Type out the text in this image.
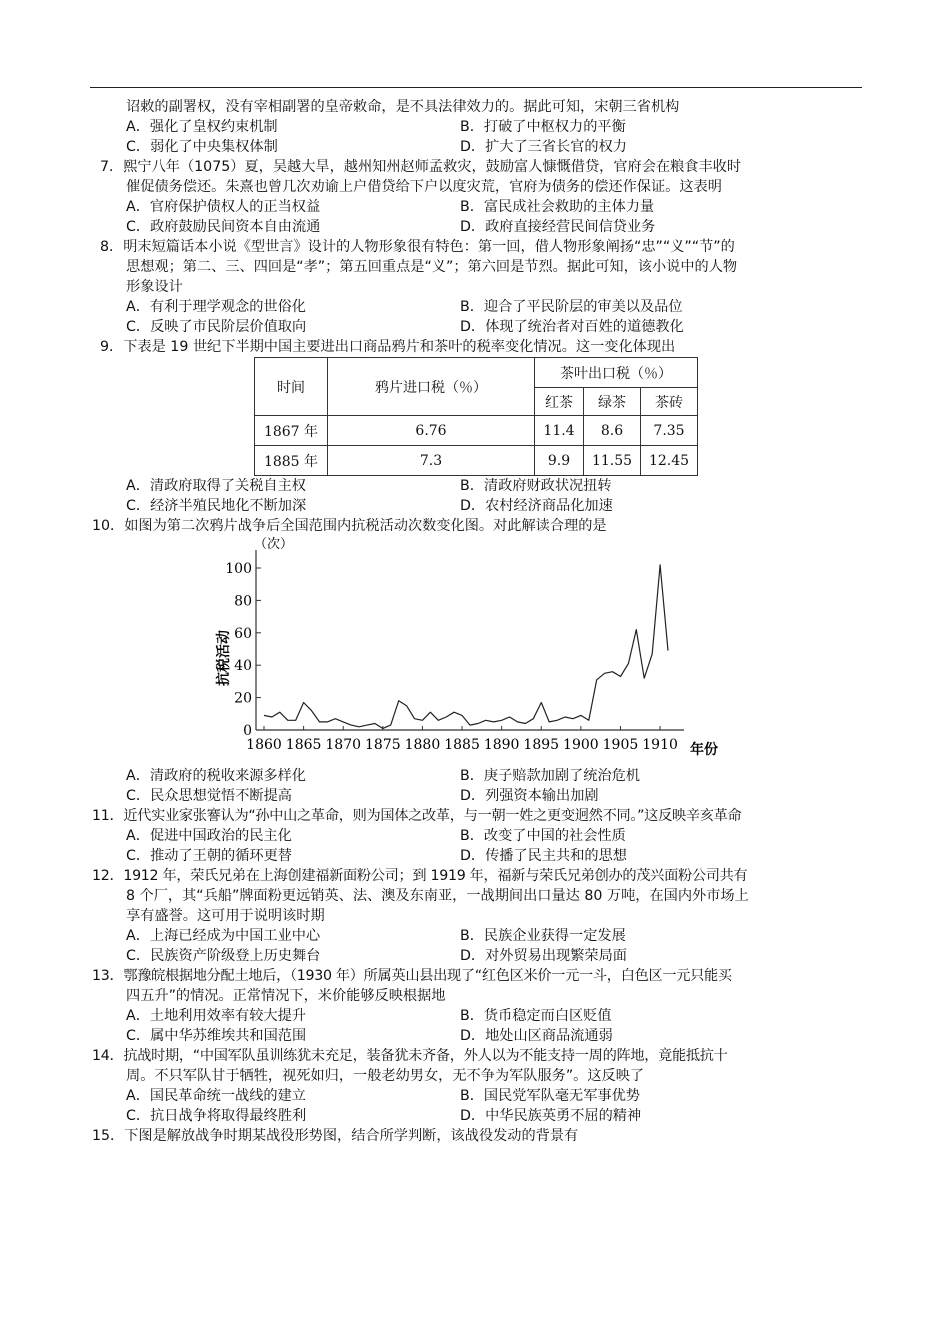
诏敕的副署权，没有宰相副署的皇帝敕命，是不具法律效力的。据此可知，宋朝三省机构
A．强化了皇权约束机制	B．打破了中枢权力的平衡
C．弱化了中央集权体制	D．扩大了三省长官的权力
7．熙宁八年（1075）夏，吴越大旱，越州知州赵师孟救灾，鼓励富人慷慨借贷，官府会在粮食丰收时
催促债务偿还。朱熹也曾几次劝谕上户借贷给下户以度灾荒，官府为债务的偿还作保证。这表明
A．官府保护债权人的正当权益	B．富民成社会救助的主体力量
C．政府鼓励民间资本自由流通	D．政府直接经营民间信贷业务
8．明末短篇话本小说《型世言》设计的人物形象很有特色：第一回，借人物形象阐扬“忠”“义”“节”的
思想观；第二、三、四回是“孝”；第五回重点是“义”；第六回是节烈。据此可知，该小说中的人物
形象设计
A．有利于理学观念的世俗化	B．迎合了平民阶层的审美以及品位
C．反映了市民阶层价值取向	D．体现了统治者对百姓的道德教化
9．下表是 19 世纪下半期中国主要进出口商品鸦片和茶叶的税率变化情况。这一变化体现出
时间	鸦片进口税（％）	茶叶出口税（％）		
		红茶	绿茶	茶砖
1867 年	6.76	11.4	8.6	7.35
1885 年	7.3	9.9	11.55	12.45
A．清政府取得了关税自主权	B．清政府财政状况扭转
C．经济半殖民地化不断加深	D．农村经济商品化加速
10．如图为第二次鸦片战争后全国范围内抗税活动次数变化图。对此解读合理的是
0
20
40
60
80
100
1860 1865 1870 1875 1880 1885 1890 1895 1900 1905 1910
（次）
抗税活动
年份
A．清政府的税收来源多样化	B．庚子赔款加剧了统治危机
C．民众思想觉悟不断提高	D．列强资本输出加剧
11．近代实业家张謇认为“孙中山之革命，则为国体之改革，与一朝一姓之更变迥然不同。”这反映辛亥革命
A．促进中国政治的民主化	B．改变了中国的社会性质
C．推动了王朝的循环更替	D．传播了民主共和的思想
12．1912 年，荣氏兄弟在上海创建福新面粉公司；到 1919 年，福新与荣氏兄弟创办的茂兴面粉公司共有
8 个厂，其“兵船”牌面粉更远销英、法、澳及东南亚，一战期间出口量达 80 万吨，在国内外市场上
享有盛誉。这可用于说明该时期
A．上海已经成为中国工业中心	B．民族企业获得一定发展
C．民族资产阶级登上历史舞台	D．对外贸易出现繁荣局面
13．鄂豫皖根据地分配土地后，（1930 年）所属英山县出现了“红色区米价一元一斗，白色区一元只能买
四五升”的情况。正常情况下，米价能够反映根据地
A．土地利用效率有较大提升	B．货币稳定而白区贬值
C．属中华苏维埃共和国范围	D．地处山区商品流通弱
14．抗战时期，“中国军队虽训练犹未充足，装备犹未齐备，外人以为不能支持一周的阵地，竟能抵抗十
周。不只军队甘于牺牲，视死如归，一般老幼男女，无不争为军队服务”。这反映了
A．国民革命统一战线的建立	B．国民党军队毫无军事优势
C．抗日战争将取得最终胜利	D．中华民族英勇不屈的精神
15．下图是解放战争时期某战役形势图，结合所学判断，该战役发动的背景有
